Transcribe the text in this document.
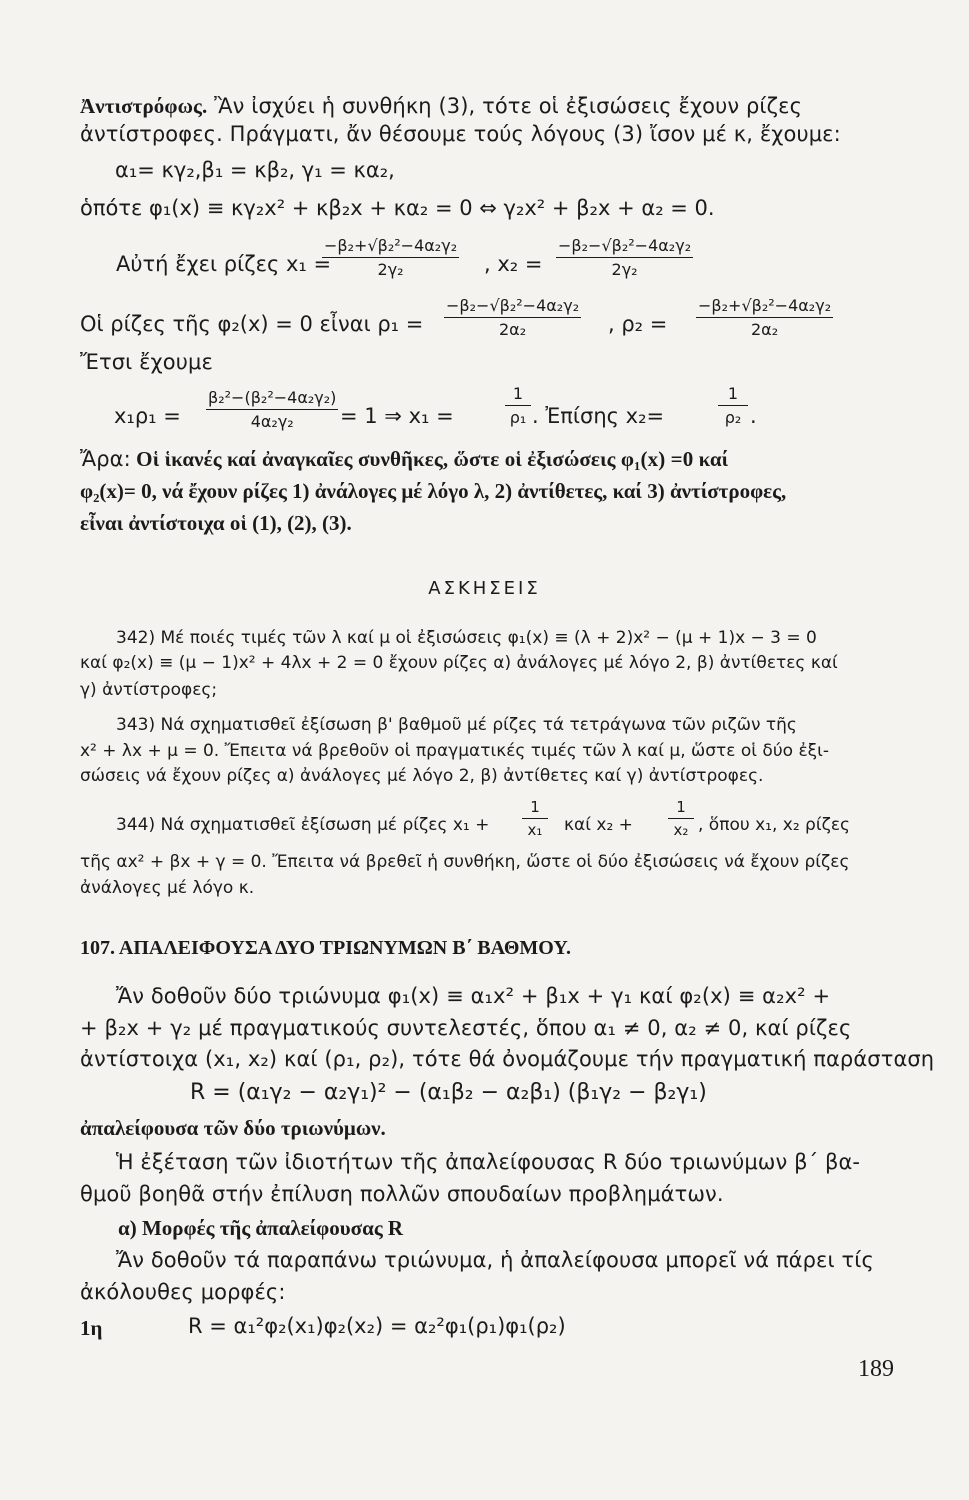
Ἀντιστρόφως. Ἂν ἰσχύει ἡ συνθήκη (3), τότε οἱ ἐξισώσεις ἔχουν ρίζες
ἀντίστροφες. Πράγματι, ἄν θέσουμε τούς λόγους (3) ἴσον μέ κ, ἔχουμε:
α₁= κγ₂,β₁ = κβ₂, γ₁ = κα₂,
ὁπότε φ₁(x) ≡ κγ₂x² + κβ₂x + κα₂ = 0 ⇔ γ₂x² + β₂x + α₂ = 0.
Αὐτή ἔχει ρίζες x₁ =
$\frac{\text{−β₂+√β₂²−4α₂γ₂}}{\text{2γ₂}}$ , $x_2 = \frac{\text{−β₂−√β₂²−4α₂γ₂}}{\text{2γ₂}}$
Οἱ ρίζες τῆς φ₂(x) = 0 εἶναι $\rho_1 = \frac{\text{−β₂−√β₂²−4α₂γ₂}}{\text{2α₂}}$ , $\rho_2 = \frac{\text{−β₂+√β₂²−4α₂γ₂}}{\text{2α₂}}$
Ἔτσι ἔχουμε
$x_1\rho_1 = \frac{\text{β₂²−(β₂²−4α₂γ₂)}}{\text{4α₂γ₂}} = 1$ ⇒ x₁ =	$\frac{1}{\text{ρ₁}}$ . Ἐπίσης x₂=	$\frac{1}{\text{ρ₂}}$ .
Ἄρα: Οἱ ἱκανές καί ἀναγκαῖες συνθῆκες, ὥστε οἱ ἐξισώσεις φ₁(x) =0 καί
φ₂(x)= 0, νά ἔχουν ρίζες 1) ἀνάλογες μέ λόγο λ, 2) ἀντίθετες, καί 3) ἀντίστροφες,
εἶναι ἀντίστοιχα οἱ (1), (2), (3).
ΑΣΚΗΣΕΙΣ
342) Μέ ποιές τιμές τῶν λ καί μ οἱ ἐξισώσεις φ₁(x) ≡ (λ + 2)x² − (μ + 1)x − 3 = 0
καί φ₂(x) ≡ (μ − 1)x² + 4λx + 2 = 0 ἔχουν ρίζες α) ἀνάλογες μέ λόγο 2, β) ἀντίθετες καί
γ) ἀντίστροφες;
343) Νά σχηματισθεῖ ἐξίσωση β' βαθμοῦ μέ ρίζες τά τετράγωνα τῶν ριζῶν τῆς
x² + λx + μ = 0. Ἔπειτα νά βρεθοῦν οἱ πραγματικές τιμές τῶν λ καί μ, ὥστε οἱ δύο ἐξι-
σώσεις νά ἔχουν ρίζες α) ἀνάλογες μέ λόγο 2, β) ἀντίθετες καί γ) ἀντίστροφες.
344) Νά σχηματισθεῖ ἐξίσωση μέ ρίζες $x_1 + \frac{1}{\text{x₁}}$ καί $x_2 + \frac{1}{\text{x₂}}$ , ὅπου x₁, x₂ ρίζες
τῆς αx² + βx + γ = 0. Ἔπειτα νά βρεθεῖ ἡ συνθήκη, ὥστε οἱ δύο ἐξισώσεις νά ἔχουν ρίζες
ἀνάλογες μέ λόγο κ.
107. ΑΠΑΛΕΙΦΟΥΣΑ ΔΥΟ ΤΡΙΩΝΥΜΩΝ Β΄ ΒΑΘΜΟΥ.
Ἄν δοθοῦν δύο τριώνυμα φ₁(x) ≡ α₁x² + β₁x + γ₁ καί φ₂(x) ≡ α₂x² +
+ β₂x + γ₂ μέ πραγματικούς συντελεστές, ὅπου α₁ ≠ 0, α₂ ≠ 0, καί ρίζες
ἀντίστοιχα (x₁, x₂) καί (ρ₁, ρ₂), τότε θά ὀνομάζουμε τήν πραγματική παράσταση
R = (α₁γ₂ − α₂γ₁)² − (α₁β₂ − α₂β₁) (β₁γ₂ − β₂γ₁)
ἀπαλείφουσα τῶν δύο τριωνύμων.
Ἡ ἐξέταση τῶν ἰδιοτήτων τῆς ἀπαλείφουσας R δύο τριωνύμων β΄ βα-
θμοῦ βοηθᾶ στήν ἐπίλυση πολλῶν σπουδαίων προβλημάτων.
α) Μορφές τῆς ἀπαλείφουσας R
Ἄν δοθοῦν τά παραπάνω τριώνυμα, ἡ ἀπαλείφουσα μπορεῖ νά πάρει τίς
ἀκόλουθες μορφές:
1η	R = α₁²φ₂(x₁)φ₂(x₂) = α₂²φ₁(ρ₁)φ₁(ρ₂)
189
